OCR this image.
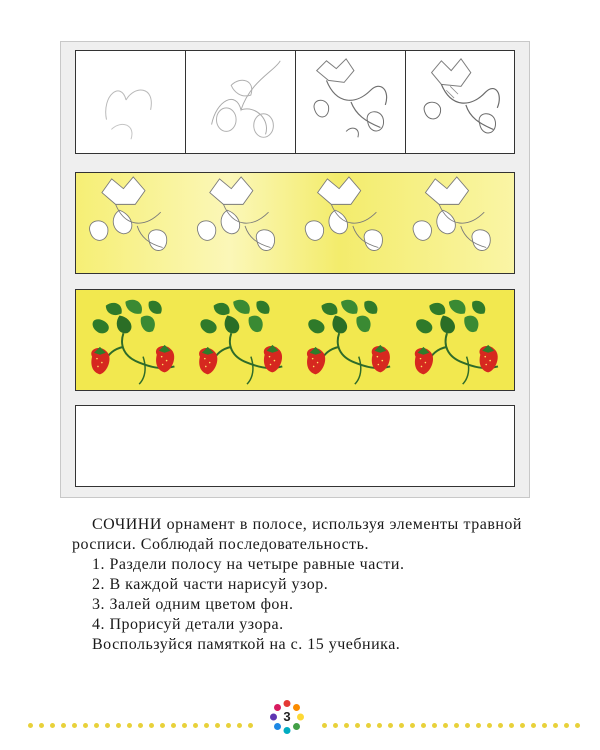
СОЧИНИ орнамент в полосе, используя элементы травной росписи. Соблюдай последовательность.
1. Раздели полосу на четыре равные части.
2. В каждой части нарисуй узор.
3. Залей одним цветом фон.
4. Прорисуй детали узора.
Воспользуйся памяткой на с. 15 учебника.
3
